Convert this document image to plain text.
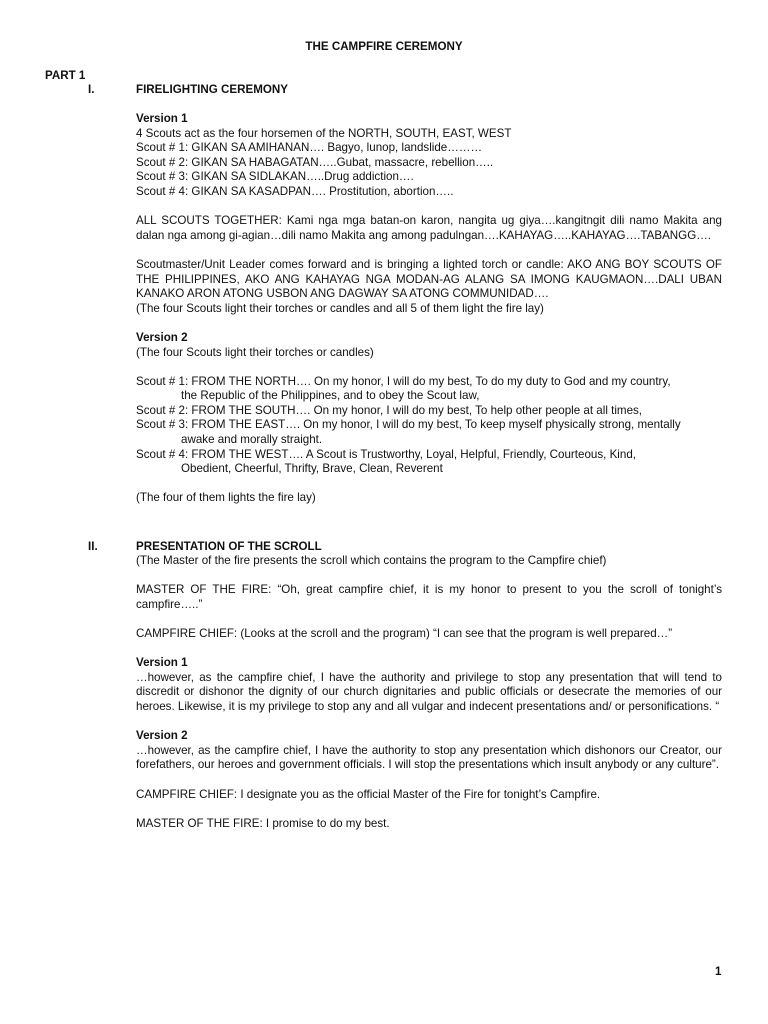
THE CAMPFIRE CEREMONY
PART 1
I.	FIRELIGHTING CEREMONY
Version 1
4 Scouts act as the four horsemen of the NORTH, SOUTH, EAST, WEST
Scout # 1: GIKAN SA AMIHANAN…. Bagyo, lunop, landslide………
Scout # 2: GIKAN SA HABAGATAN…..Gubat, massacre, rebellion…..
Scout # 3: GIKAN SA SIDLAKAN…..Drug addiction….
Scout # 4: GIKAN SA KASADPAN…. Prostitution, abortion…..
ALL SCOUTS TOGETHER: Kami nga mga batan-on karon, nangita ug giya….kangitngit dili namo Makita ang dalan nga among gi-agian…dili namo Makita ang among padulngan….KAHAYAG…..KAHAYAG….TABANGG….
Scoutmaster/Unit Leader comes forward and is bringing a lighted torch or candle: AKO ANG BOY SCOUTS OF THE PHILIPPINES, AKO ANG KAHAYAG NGA MODAN-AG ALANG SA IMONG KAUGMAON….DALI UBAN KANAKO ARON ATONG USBON ANG DAGWAY SA ATONG COMMUNIDAD….
(The four Scouts light their torches or candles and all 5 of them light the fire lay)
Version 2
(The four Scouts light their torches or candles)
Scout # 1: FROM THE NORTH…. On my honor, I will do my best, To do my duty to God and my country,
the Republic of the Philippines, and to obey the Scout law,
Scout # 2: FROM THE SOUTH…. On my honor, I will do my best, To help other people at all times,
Scout # 3: FROM THE EAST…. On my honor, I will do my best, To keep myself physically strong, mentally
awake and morally straight.
Scout # 4: FROM THE WEST…. A Scout is Trustworthy, Loyal, Helpful, Friendly, Courteous, Kind,
Obedient, Cheerful, Thrifty, Brave, Clean, Reverent
(The four of them lights the fire lay)
II.	PRESENTATION OF THE SCROLL
(The Master of the fire presents the scroll which contains the program to the Campfire chief)
MASTER OF THE FIRE: “Oh, great campfire chief, it is my honor to present to you the scroll of tonight’s campfire…..”
CAMPFIRE CHIEF: (Looks at the scroll and the program) “I can see that the program is well prepared…”
Version 1
…however, as the campfire chief, I have the authority and privilege to stop any presentation that will tend to discredit or dishonor the dignity of our church dignitaries and public officials or desecrate the memories of our heroes. Likewise, it is my privilege to stop any and all vulgar and indecent presentations and/ or personifications. “
Version 2
…however, as the campfire chief, I have the authority to stop any presentation which dishonors our Creator, our forefathers, our heroes and government officials. I will stop the presentations which insult anybody or any culture”.
CAMPFIRE CHIEF: I designate you as the official Master of the Fire for tonight’s Campfire.
MASTER OF THE FIRE: I promise to do my best.
1
